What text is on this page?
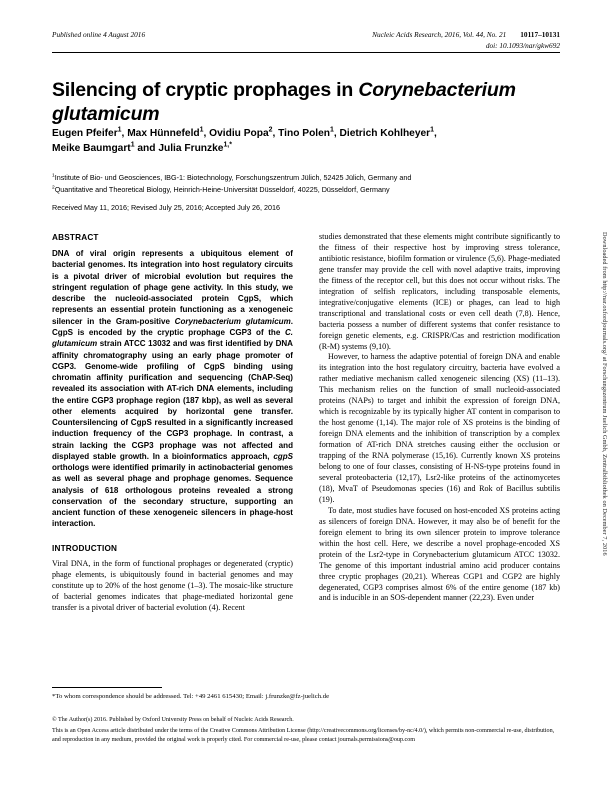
Published online 4 August 2016	Nucleic Acids Research, 2016, Vol. 44, No. 21 10117–10131
doi: 10.1093/nar/gkw692
Silencing of cryptic prophages in Corynebacterium
glutamicum
Eugen Pfeifer$^1$, Max Hünnefeld$^1$, Ovidiu Popa$^2$, Tino Polen$^1$, Dietrich Kohlheyer$^1$,
Meike Baumgart$^1$ and Julia Frunzke$^{1,*}$
$^1$Institute of Bio- und Geosciences, IBG-1: Biotechnology, Forschungszentrum Jülich, 52425 Jülich, Germany and
$^2$Quantitative and Theoretical Biology, Heinrich-Heine-Universität Düsseldorf, 40225, Düsseldorf, Germany
Received May 11, 2016; Revised July 25, 2016; Accepted July 26, 2016
ABSTRACT

DNA of viral origin represents a ubiquitous element of bacterial genomes. Its integration into host regulatory circuits is a pivotal driver of microbial evolution but requires the stringent regulation of phage gene activity. In this study, we describe the nucleoid-associated protein CgpS, which represents an essential protein functioning as a xenogeneic silencer in the Gram-positive Corynebacterium glutamicum. CgpS is encoded by the cryptic prophage CGP3 of the C. glutamicum strain ATCC 13032 and was first identified by DNA affinity chromatography using an early phage promoter of CGP3. Genome-wide profiling of CgpS binding using chromatin affinity purification and sequencing (ChAP-Seq) revealed its association with AT-rich DNA elements, including the entire CGP3 prophage region (187 kbp), as well as several other elements acquired by horizontal gene transfer. Countersilencing of CgpS resulted in a significantly increased induction frequency of the CGP3 prophage. In contrast, a strain lacking the CGP3 prophage was not affected and displayed stable growth. In a bioinformatics approach, cgpS orthologs were identified primarily in actinobacterial genomes as well as several phage and prophage genomes. Sequence analysis of 618 orthologous proteins revealed a strong conservation of the secondary structure, supporting an ancient function of these xenogeneic silencers in phage-host interaction.

INTRODUCTION

Viral DNA, in the form of functional prophages or degenerated (cryptic) phage elements, is ubiquitously found in bacterial genomes and may constitute up to 20% of the host genome (1–3). The mosaic-like structure of bacterial genomes indicates that phage-mediated horizontal gene transfer is a pivotal driver of bacterial evolution (4). Recent

studies demonstrated that these elements might contribute significantly to the fitness of their respective host by improving stress tolerance, antibiotic resistance, biofilm formation or virulence (5,6). Phage-mediated gene transfer may provide the cell with novel adaptive traits, improving the fitness of the receptor cell, but this does not occur without risks. The integration of selfish replicators, including transposable elements, integrative/conjugative elements (ICE) or phages, can lead to high transcriptional and translational costs or even cell death (7,8). Hence, bacteria possess a number of different systems that confer resistance to foreign genetic elements, e.g. CRISPR/Cas and restriction modification (R-M) systems (9,10).

However, to harness the adaptive potential of foreign DNA and enable its integration into the host regulatory circuitry, bacteria have evolved a rather mediative mechanism called xenogeneic silencing (XS) (11–13). This mechanism relies on the function of small nucleoid-associated proteins (NAPs) to target and inhibit the expression of foreign DNA, which is recognizable by its typically higher AT content in comparison to the host genome (1,14). The major role of XS proteins is the binding of foreign DNA elements and the inhibition of transcription by a complex formation of AT-rich DNA stretches causing either the occlusion or trapping of the RNA polymerase (15,16). Currently known XS proteins belong to one of four classes, consisting of H-NS-type proteins found in several proteobacteria (12,17), Lsr2-like proteins of the actinomycetes (18), MvaT of Pseudomonas species (16) and Rok of Bacillus subtilis (19).

To date, most studies have focused on host-encoded XS proteins acting as silencers of foreign DNA. However, it may also be of benefit for the foreign element to bring its own silencer protein to improve tolerance within the host cell. Here, we describe a novel prophage-encoded XS protein of the Lsr2-type in Corynebacterium glutamicum ATCC 13032. The genome of this important industrial amino acid producer contains three cryptic prophages (20,21). Whereas CGP1 and CGP2 are highly degenerated, CGP3 comprises almost 6% of the entire genome (187 kb) and is inducible in an SOS-dependent manner (22,23). Even under

Downloaded from http://nar.oxfordjournals.org/ at Forschungszentrum Juelich Gmbh, Zentralbibliothek on December 7, 2016
*To whom correspondence should be addressed. Tel: +49 2461 615430; Email: j.frunzke@fz-juelich.de
© The Author(s) 2016. Published by Oxford University Press on behalf of Nucleic Acids Research.
This is an Open Access article distributed under the terms of the Creative Commons Attribution License (http://creativecommons.org/licenses/by-nc/4.0/), which permits non-commercial re-use, distribution, and reproduction in any medium, provided the original work is properly cited. For commercial re-use, please contact journals.permissions@oup.com
